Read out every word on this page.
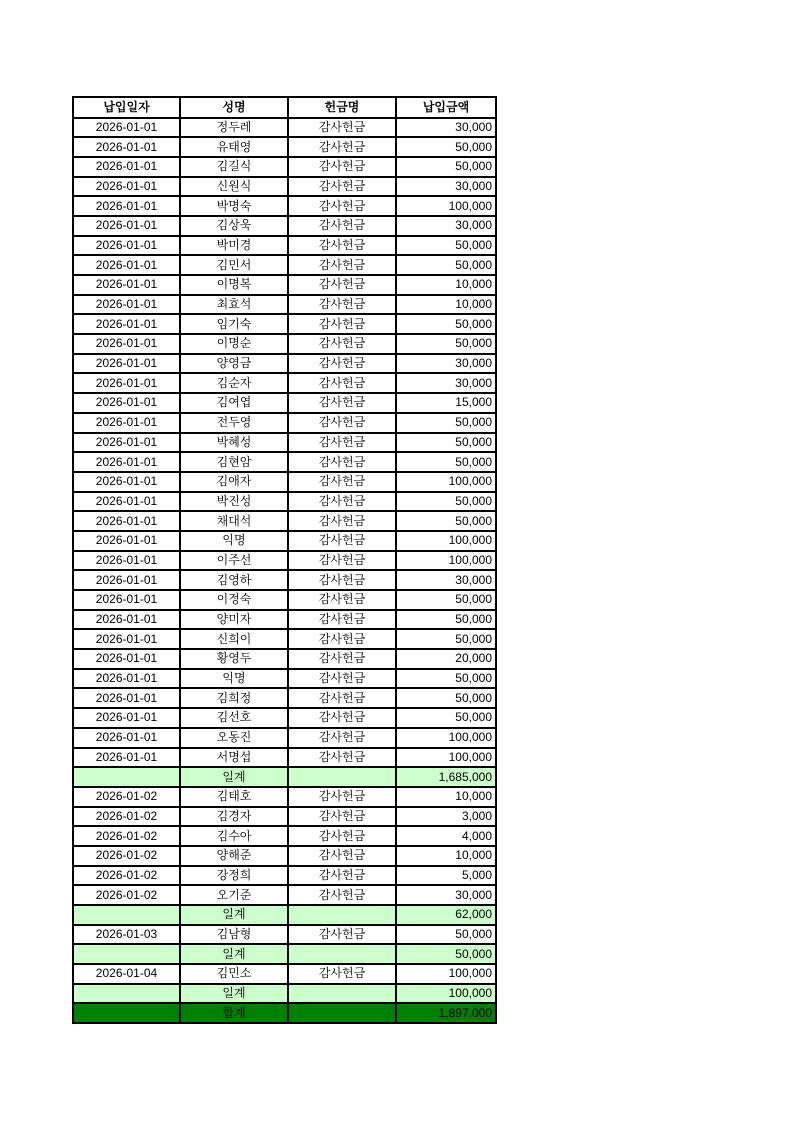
납입일자	성명	헌금명	납입금액
2026-01-01	정두레	감사헌금	30,000
2026-01-01	유태영	감사헌금	50,000
2026-01-01	김길식	감사헌금	50,000
2026-01-01	신원식	감사헌금	30,000
2026-01-01	박명숙	감사헌금	100,000
2026-01-01	김상욱	감사헌금	30,000
2026-01-01	박미경	감사헌금	50,000
2026-01-01	김민서	감사헌금	50,000
2026-01-01	이명복	감사헌금	10,000
2026-01-01	최효석	감사헌금	10,000
2026-01-01	임기숙	감사헌금	50,000
2026-01-01	이명순	감사헌금	50,000
2026-01-01	양영금	감사헌금	30,000
2026-01-01	김순자	감사헌금	30,000
2026-01-01	김여엽	감사헌금	15,000
2026-01-01	전두영	감사헌금	50,000
2026-01-01	박혜성	감사헌금	50,000
2026-01-01	김현암	감사헌금	50,000
2026-01-01	김애자	감사헌금	100,000
2026-01-01	박진성	감사헌금	50,000
2026-01-01	채대석	감사헌금	50,000
2026-01-01	익명	감사헌금	100,000
2026-01-01	이주선	감사헌금	100,000
2026-01-01	김영하	감사헌금	30,000
2026-01-01	이정숙	감사헌금	50,000
2026-01-01	양미자	감사헌금	50,000
2026-01-01	신희이	감사헌금	50,000
2026-01-01	황영두	감사헌금	20,000
2026-01-01	익명	감사헌금	50,000
2026-01-01	김희정	감사헌금	50,000
2026-01-01	김선호	감사헌금	50,000
2026-01-01	오동진	감사헌금	100,000
2026-01-01	서명섭	감사헌금	100,000
	일계		1,685,000
2026-01-02	김태호	감사헌금	10,000
2026-01-02	김경자	감사헌금	3,000
2026-01-02	김수아	감사헌금	4,000
2026-01-02	양해준	감사헌금	10,000
2026-01-02	강정희	감사헌금	5,000
2026-01-02	오기준	감사헌금	30,000
	일계		62,000
2026-01-03	김남형	감사헌금	50,000
	일계		50,000
2026-01-04	김민소	감사헌금	100,000
	일계		100,000
	합계		1,897,000
